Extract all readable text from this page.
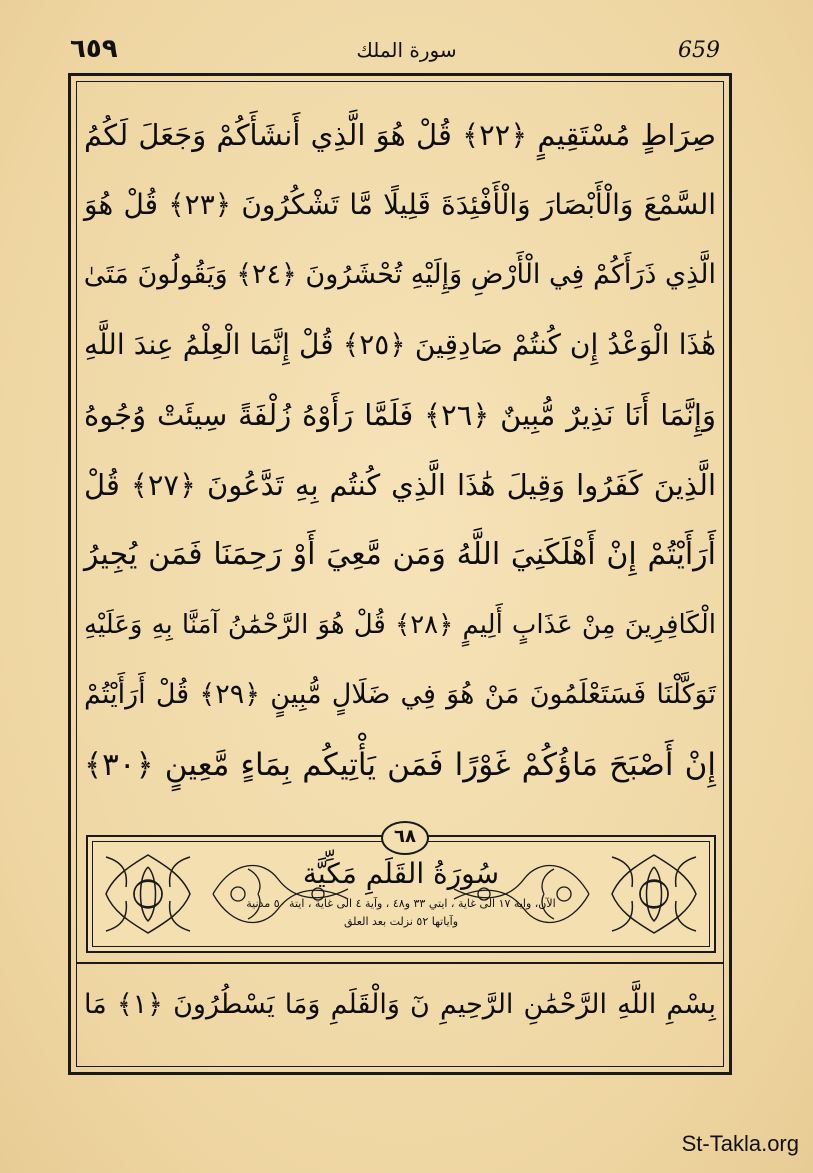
٦٥٩	سورة الملك	659
صِرَاطٍ مُسْتَقِيمٍ ﴿٢٢﴾ قُلْ هُوَ الَّذِي أَنشَأَكُمْ وَجَعَلَ لَكُمُ
السَّمْعَ وَالْأَبْصَارَ وَالْأَفْئِدَةَ قَلِيلًا مَّا تَشْكُرُونَ ﴿٢٣﴾ قُلْ هُوَ
الَّذِي ذَرَأَكُمْ فِي الْأَرْضِ وَإِلَيْهِ تُحْشَرُونَ ﴿٢٤﴾ وَيَقُولُونَ مَتَىٰ
هَٰذَا الْوَعْدُ إِن كُنتُمْ صَادِقِينَ ﴿٢٥﴾ قُلْ إِنَّمَا الْعِلْمُ عِندَ اللَّهِ
وَإِنَّمَا أَنَا نَذِيرٌ مُّبِينٌ ﴿٢٦﴾ فَلَمَّا رَأَوْهُ زُلْفَةً سِيئَتْ وُجُوهُ
الَّذِينَ كَفَرُوا وَقِيلَ هَٰذَا الَّذِي كُنتُم بِهِ تَدَّعُونَ ﴿٢٧﴾ قُلْ
أَرَأَيْتُمْ إِنْ أَهْلَكَنِيَ اللَّهُ وَمَن مَّعِيَ أَوْ رَحِمَنَا فَمَن يُجِيرُ
الْكَافِرِينَ مِنْ عَذَابٍ أَلِيمٍ ﴿٢٨﴾ قُلْ هُوَ الرَّحْمَٰنُ آمَنَّا بِهِ وَعَلَيْهِ
تَوَكَّلْنَا فَسَتَعْلَمُونَ مَنْ هُوَ فِي ضَلَالٍ مُّبِينٍ ﴿٢٩﴾ قُلْ أَرَأَيْتُمْ
إِنْ أَصْبَحَ مَاؤُكُمْ غَوْرًا فَمَن يَأْتِيكُم بِمَاءٍ مَّعِينٍ ﴿٣٠﴾
٦٨
سُورَةُ القَلَمِ مَكِّيَّة
الآن، واية ١٧ الى غاية ، ايتي ٣٣ و٤٨ ، وآية ٤ الى غاية ، ايتة ٥٠ مدنية
وآياتها ٥٢ نزلت بعد العلق
بِسْمِ اللَّهِ الرَّحْمَٰنِ الرَّحِيمِ نٓ وَالْقَلَمِ وَمَا يَسْطُرُونَ ﴿١﴾ مَا
St-Takla.org
